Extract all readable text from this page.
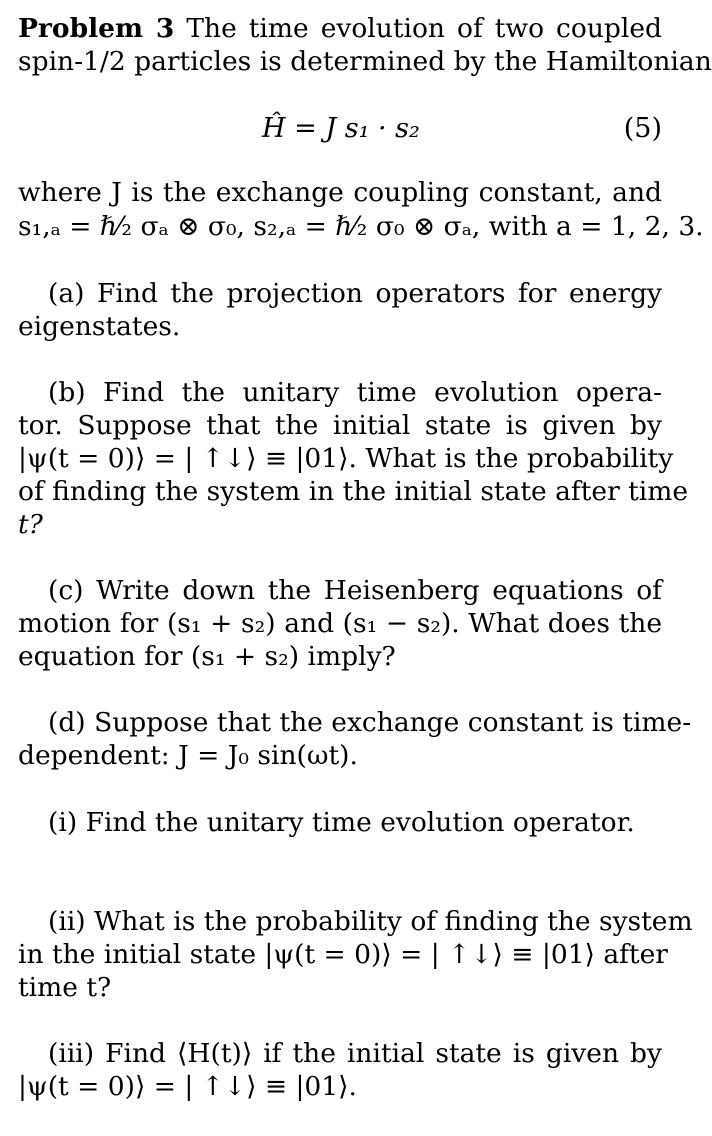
Problem 3 The time evolution of two coupled
spin-1/2 particles is determined by the Hamiltonian
Ĥ = J s₁ · s₂	(5)
where J is the exchange coupling constant, and
s₁,ₐ = ℏ⁄₂ σₐ ⊗ σ₀, s₂,ₐ = ℏ⁄₂ σ₀ ⊗ σₐ, with a = 1, 2, 3.
(a) Find the projection operators for energy
eigenstates.
(b) Find the unitary time evolution opera-
tor. Suppose that the initial state is given by
|ψ(t = 0)⟩ = | ↑↓⟩ ≡ |01⟩. What is the probability
of finding the system in the initial state after time
t?
(c) Write down the Heisenberg equations of
motion for (s₁ + s₂) and (s₁ − s₂). What does the
equation for (s₁ + s₂) imply?
(d) Suppose that the exchange constant is time-
dependent: J = J₀ sin(ωt).
(i) Find the unitary time evolution operator.
(ii) What is the probability of finding the system
in the initial state |ψ(t = 0)⟩ = | ↑↓⟩ ≡ |01⟩ after
time t?
(iii) Find ⟨H(t)⟩ if the initial state is given by
|ψ(t = 0)⟩ = | ↑↓⟩ ≡ |01⟩.
